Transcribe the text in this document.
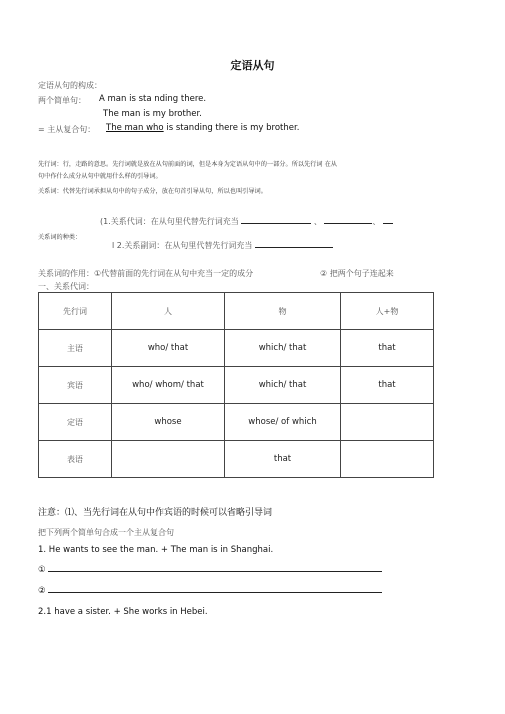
定语从句
定语从句的构成：
两个简单句： A man is sta nding there.
The man is my brother.
= 主从复合句： The man who is standing there is my brother.
先行词：行，走路的意思。先行词就是放在从句前面的词，但是本身为定语从句中的一部分。所以先行词 在从
句中作什么成分从句中就用什么样的引导词。
关系词：代替先行词承担从句中的句子成分，放在句首引导从句，所以也叫引导词。
(1.关系代词：在从句里代替先行词充当	、	、
关系词的种类：
l 2.关系副词：在从句里代替先行词充当
关系词的作用：①代替前面的先行词在从句中充当一定的成分	② 把两个句子连起来
一、关系代词：
先行词	人	物	人+物
主语	who/ that	which/ that	that
宾语	who/ whom/ that	which/ that	that
定语	whose	whose/ of which	
表语		that	
注意：⑴、当先行词在从句中作宾语的时候可以省略引导词
把下列两个简单句合成一个主从复合句
1. He wants to see the man. + The man is in Shanghai.
①
②
2.1 have a sister. + She works in Hebei.
